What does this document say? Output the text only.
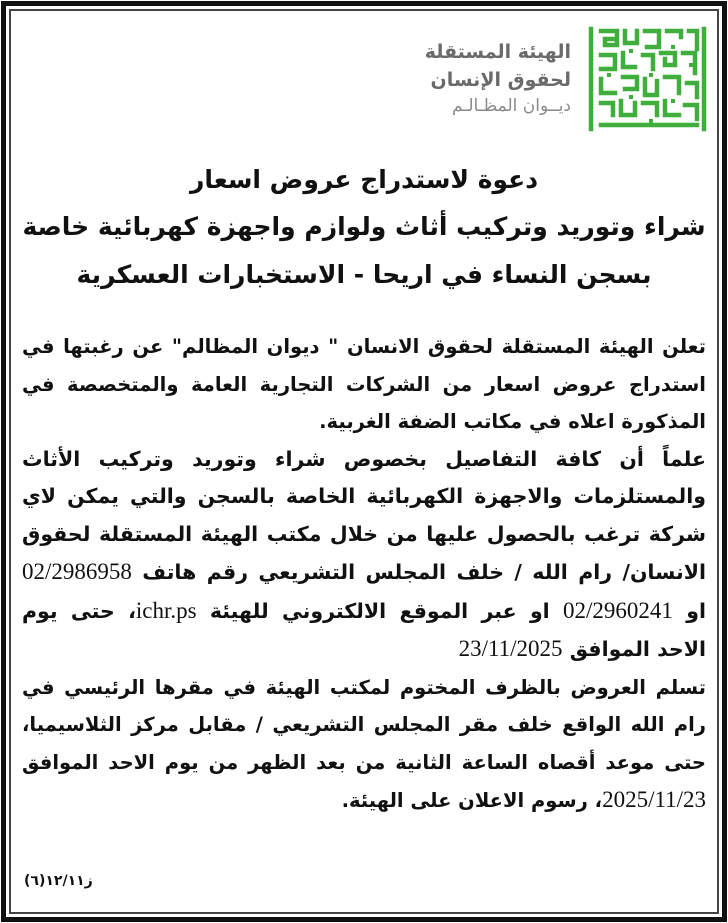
الهيئة المستقلة
لحقوق الإنسان
ديــوان المظـالـم
دعوة لاستدراج عروض اسعار
شراء وتوريد وتركيب أثاث ولوازم واجهزة كهربائية خاصة
بسجن النساء في اريحا - الاستخبارات العسكرية

تعلن الهيئة المستقلة لحقوق الانسان " ديوان المظالم" عن رغبتها في
استدراج عروض اسعار من الشركات التجارية العامة والمتخصصة في
المذكورة اعلاه في مكاتب الضفة الغربية.

علماً أن كافة التفاصيل بخصوص شراء وتوريد وتركيب الأثاث
والمستلزمات والاجهزة الكهربائية الخاصة بالسجن والتي يمكن لاي
شركة ترغب بالحصول عليها من خلال مكتب الهيئة المستقلة لحقوق
الانسان/ رام الله / خلف المجلس التشريعي رقم هاتف 02/2986958
او 02/2960241 او عبر الموقع الالكتروني للهيئة ichr.ps، حتى يوم
الاحد الموافق 23/11/2025

تسلم العروض بالظرف المختوم لمكتب الهيئة في مقرها الرئيسي في
رام الله الواقع خلف مقر المجلس التشريعي / مقابل مركز الثلاسيميا،
حتى موعد أقصاه الساعة الثانية من بعد الظهر من يوم الاحد الموافق
2025/11/23، رسوم الاعلان على الهيئة.

ز١٢/١١(٦)
